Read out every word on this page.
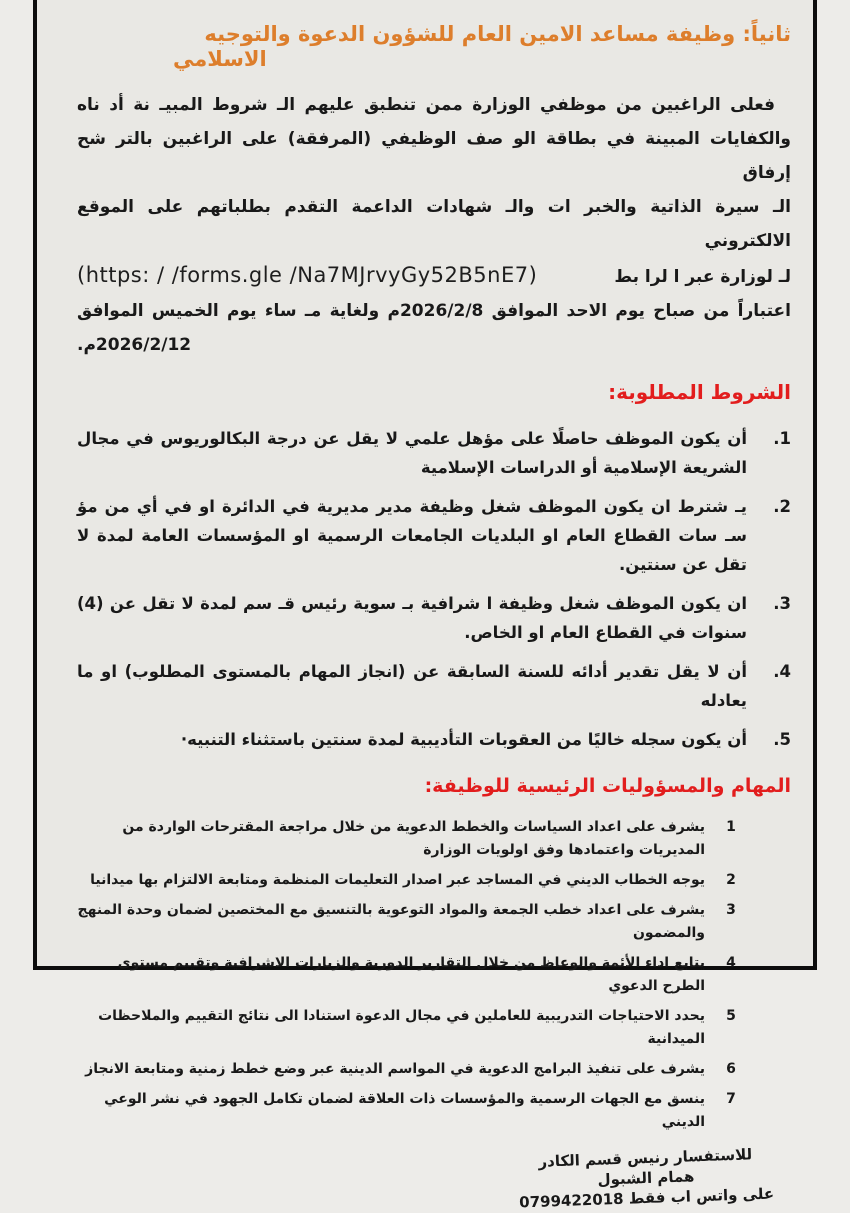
ثانياً: وظيفة مساعد الامين العام للشؤون الدعوة والتوجيه
الاسلامي
فعلى الراغبين من موظفي الوزارة ممن تنطبق عليهم الـ شروط المبيـ نة أد ناه
والكفايات المبينة في بطاقة الو صف الوظيفي (المرفقة) على الراغبين بالتر شح إرفاق
الـ سيرة الذاتية والخبر ات والـ شهادات الداعمة التقدم بطلباتهم على الموقع الالكتروني
(https: / /forms.gle /Na7MJrvyGy52B5nE7)	لـ لوزارة عبر ا لرا بط
اعتباراً من صباح يوم الاحد الموافق 2026/2/8م ولغاية مـ ساء يوم الخميس الموافق
2026/2/12م.
الشروط المطلوبة:
1.
أن يكون الموظف حاصلًا على مؤهل علمي لا يقل عن درجة البكالوريوس في مجال الشريعة الإسلامية أو الدراسات الإسلامية
2.
يـ شترط ان يكون الموظف شغل وظيفة مدير مديرية في الدائرة او في أي من مؤ سـ سات القطاع العام او البلديات الجامعات الرسمية او المؤسسات العامة لمدة لا تقل عن سنتين.
3.
ان يكون الموظف شغل وظيفة ا شرافية بـ سوية رئيس قـ سم لمدة لا تقل عن (4) سنوات في القطاع العام او الخاص.
4.
أن لا يقل تقدير أدائه للسنة السابقة عن (انجاز المهام بالمستوى المطلوب) او ما يعادله
5.
أن يكون سجله خاليًا من العقوبات التأديبية لمدة سنتين باستثناء التنبيه·
المهام والمسؤوليات الرئيسية للوظيفة:
1
يشرف على اعداد السياسات والخطط الدعوية من خلال مراجعة المقترحات الواردة من المديريات واعتمادها وفق اولويات الوزارة
2
يوجه الخطاب الديني في المساجد عبر اصدار التعليمات المنظمة ومتابعة الالتزام بها ميدانيا
3
يشرف على اعداد خطب الجمعة والمواد التوعوية بالتنسيق مع المختصين لضمان وحدة المنهج والمضمون
4
يتابع اداء الأئمة والوعاظ من خلال التقارير الدورية والزيارات الاشرافية وتقييم مستوى الطرح الدعوي
5
يحدد الاحتياجات التدريبية للعاملين في مجال الدعوة استنادا الى نتائج التقييم والملاحظات الميدانية
6
يشرف على تنفيذ البرامج الدعوية في المواسم الدينية عبر وضع خطط زمنية ومتابعة الانجاز
7
ينسق مع الجهات الرسمية والمؤسسات ذات العلاقة لضمان تكامل الجهود في نشر الوعي الديني
للاستفسار رنيس قسم الكادر
همام الشبول
0799422018 على واتس اب فقط
